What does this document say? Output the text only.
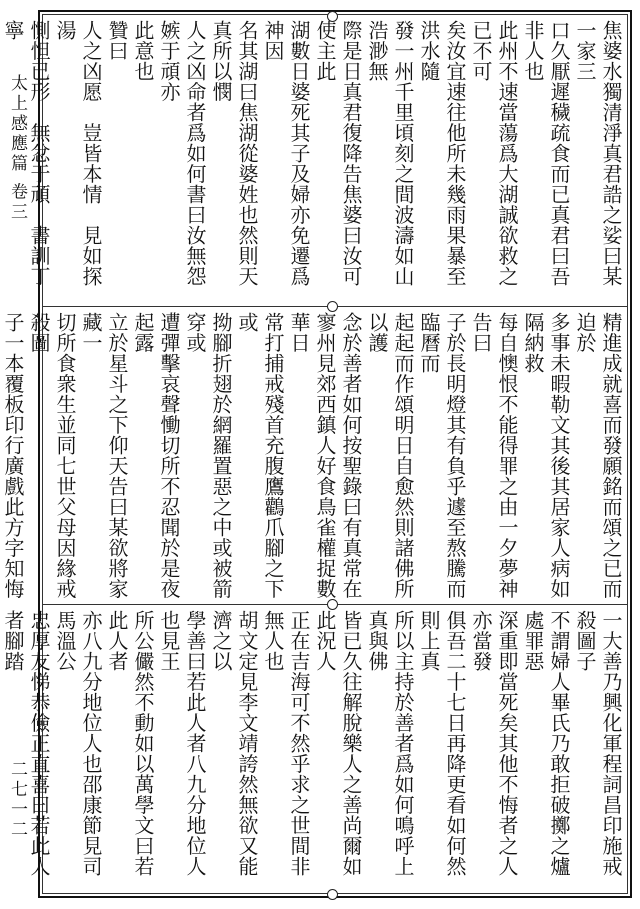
太上感應篇 卷三
二七一二
焦婆水獨清淨真君誥之娑曰某一家三
口久厭遲穢疏食而已真君曰吾非人也
此州不速當蕩爲大湖誠欲救之已不可
矣汝宜速往他所未幾雨果暴至洪水隨
發一州千里頃刻之間波濤如山浩渺無
際是日真君復降告焦婆曰汝可使主此
湖數日婆死其子及婦亦免遷爲神因
名其湖曰焦湖從婆姓也然則天真所以憫
人之凶命者爲如何書曰汝無怨嫉于頑亦
此意也
贊曰
人之凶愿　豈皆本情　見如探湯
惻怛已形　無忿于頑　書訓丁寧
精進成就喜而發願銘而頌之已而迫於
多事未暇勒文其後其居家人病如隔納救
每自懊恨不能得罪之由一夕夢神告曰
子於長明燈其有負乎遽至熬騰而臨曆而
起起而作頌明日自愈然則諸佛所以護
念於善者如何按聖錄曰有真常在
寥州見郊西鎮人好食鳥雀權捉數華日
常打捕戒殘首充腹鷹鸛爪腳之下或
拗腳折翅於網羅置惡之中或被箭穿或
遭彈擊哀聲慟切所不忍聞於是夜起露
立於星斗之下仰天告曰某欲將家藏一
切所食衆生並同七世父母因緣戒殺圖
子一本覆板印行廣戲此方字知悔
一大善乃興化軍程詞昌印施戒殺圖子
不謂婦人畢氏乃敢拒破擲之爐處罪惡
深重即當死矣其他不悔者之人亦當發
俱吾二十七日再降更看如何然則上真
所以主持於善者爲如何鳴呼上真與佛
皆已久往解脫樂人之善尚爾如此況人
正在吉海可不然乎求之世間非無人也
胡文定見李文靖誇然無欲又能濟之以
學善曰若此人者八九分地位人也見王
所公儼然不動如以萬學文曰若此人者
亦八九分地位人也邵康節見司馬溫公
忠厚友悌恭儉正直喜曰若此人者腳踏
